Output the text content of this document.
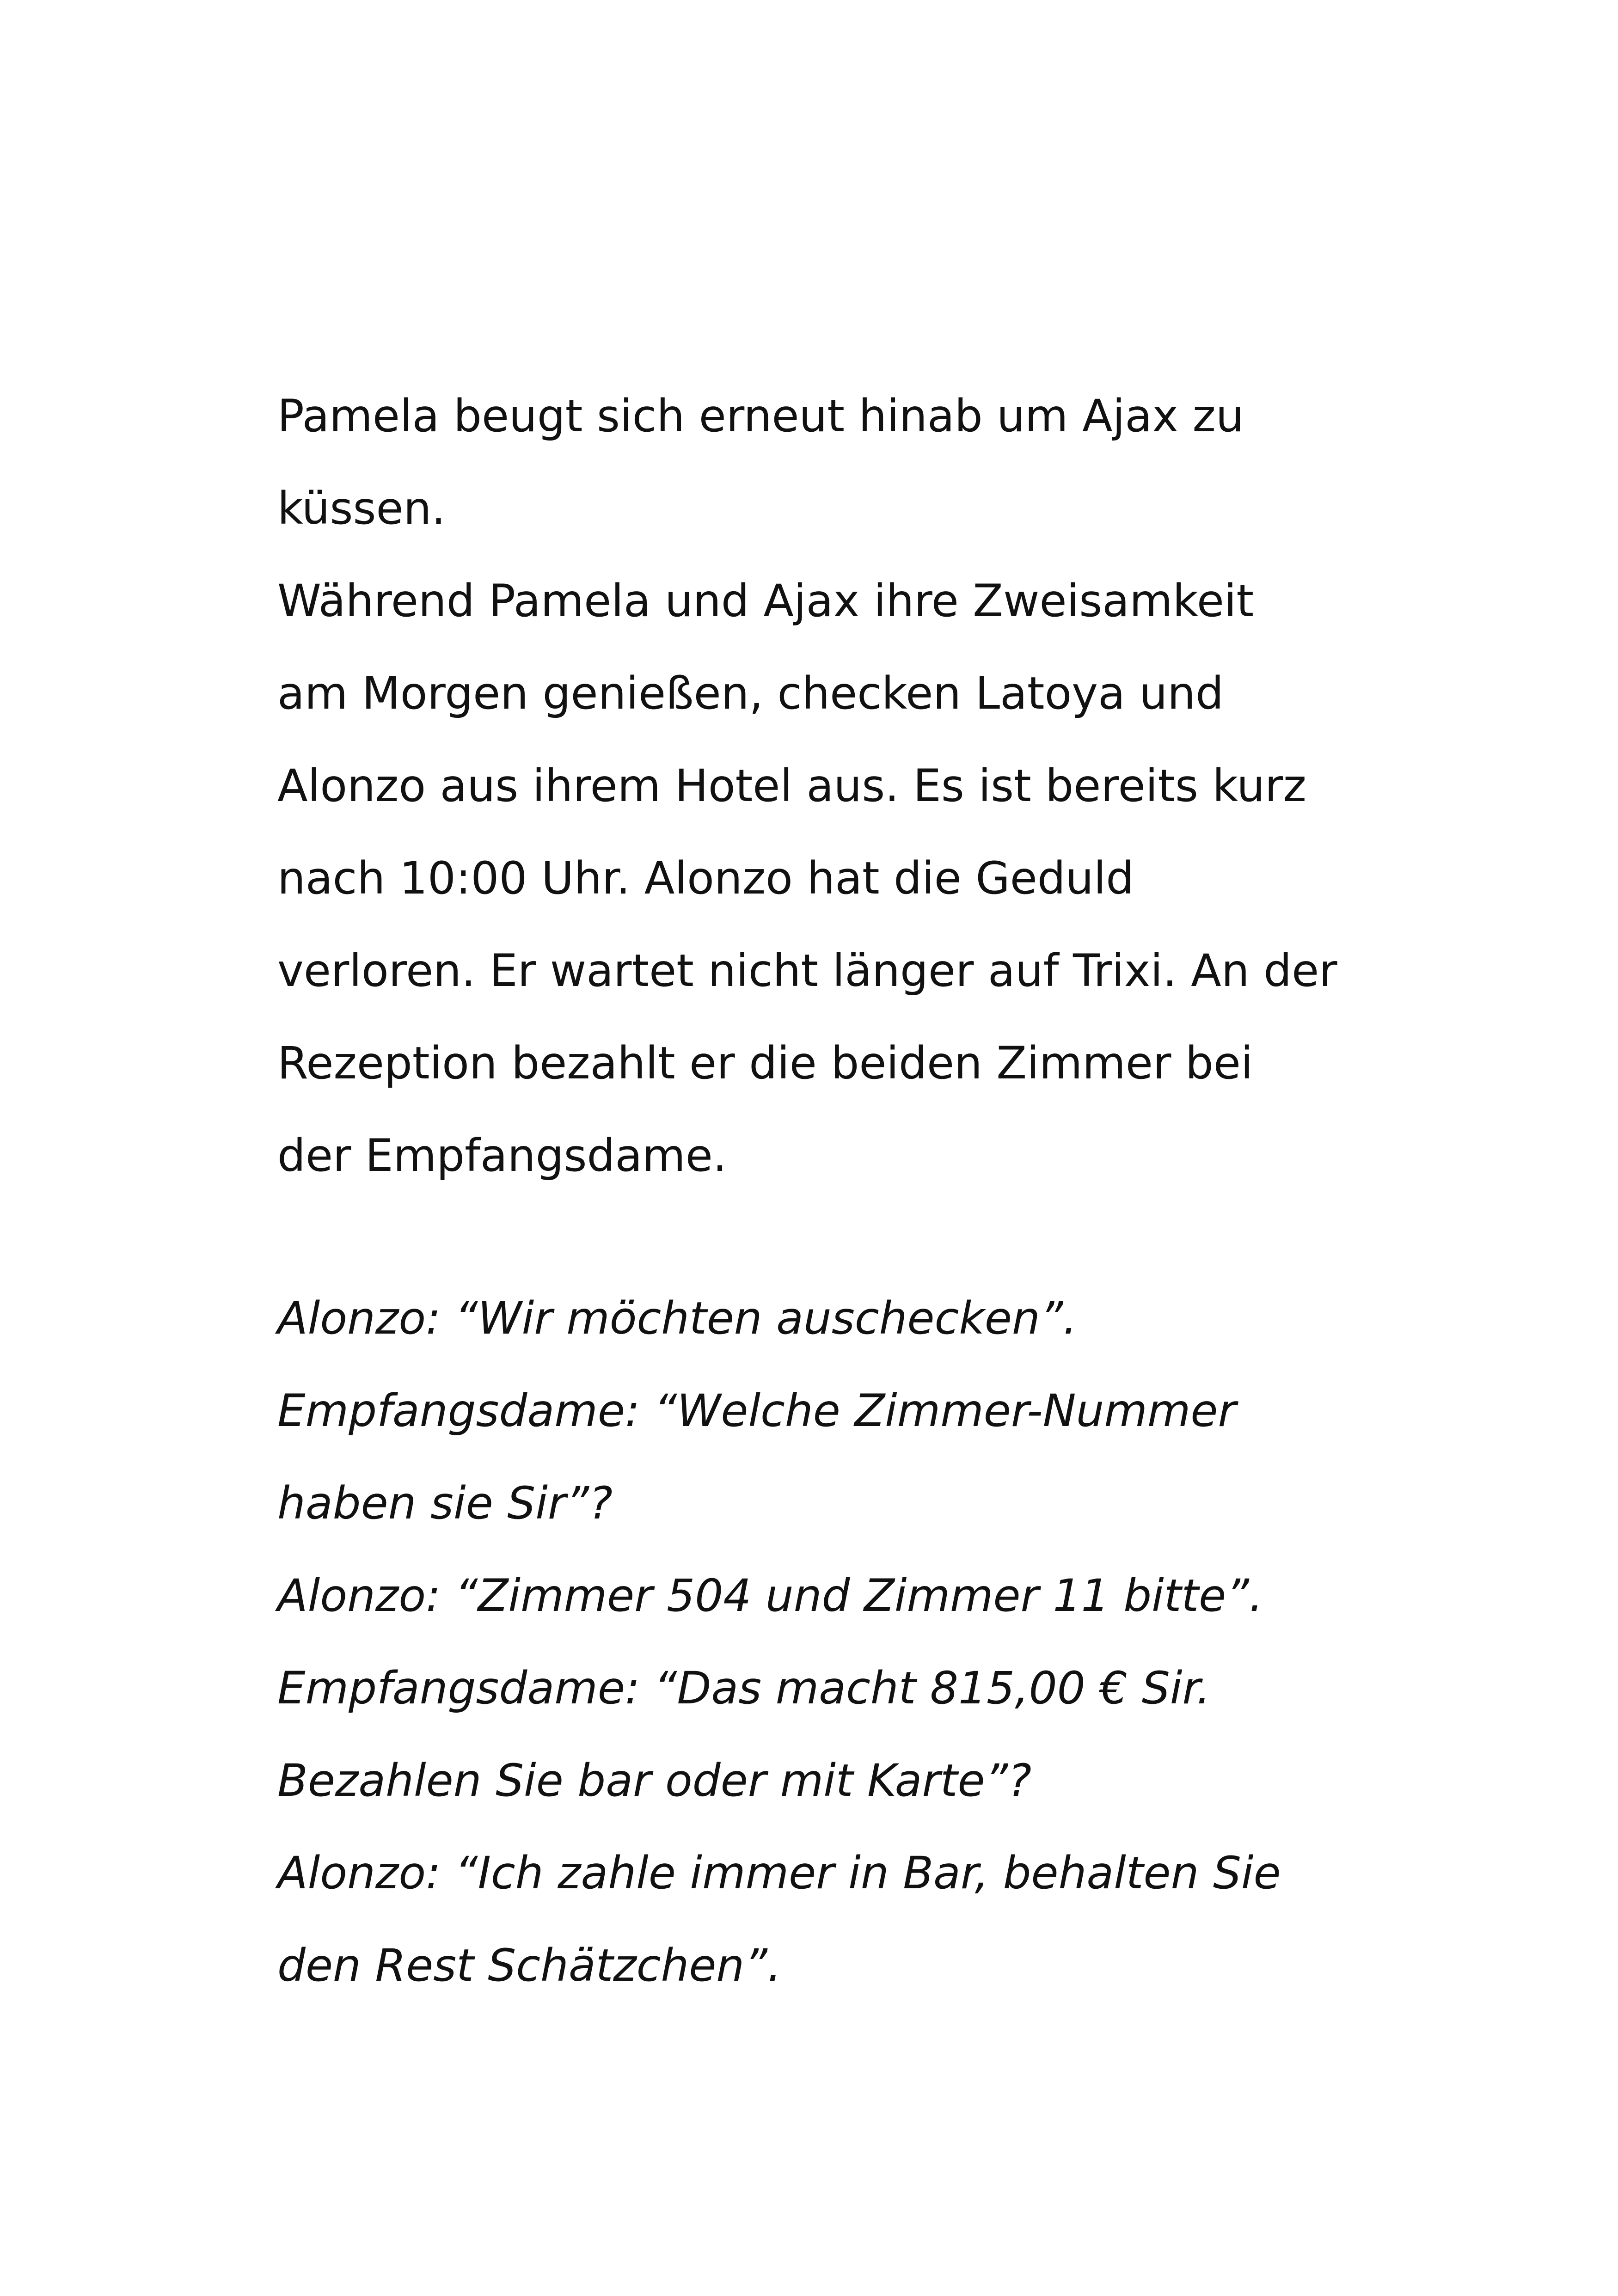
Pamela beugt sich erneut hinab um Ajax zu

küssen.

Während Pamela und Ajax ihre Zweisamkeit

am Morgen genießen, checken Latoya und

Alonzo aus ihrem Hotel aus. Es ist bereits kurz

nach 10:00 Uhr. Alonzo hat die Geduld

verloren. Er wartet nicht länger auf Trixi. An der

Rezeption bezahlt er die beiden Zimmer bei

der Empfangsdame.

Alonzo: “Wir möchten auschecken”.

Empfangsdame: “Welche Zimmer-Nummer

haben sie Sir”?

Alonzo: “Zimmer 504 und Zimmer 11 bitte”.

Empfangsdame: “Das macht 815,00 € Sir.

Bezahlen Sie bar oder mit Karte”?

Alonzo: “Ich zahle immer in Bar, behalten Sie

den Rest Schätzchen”.
